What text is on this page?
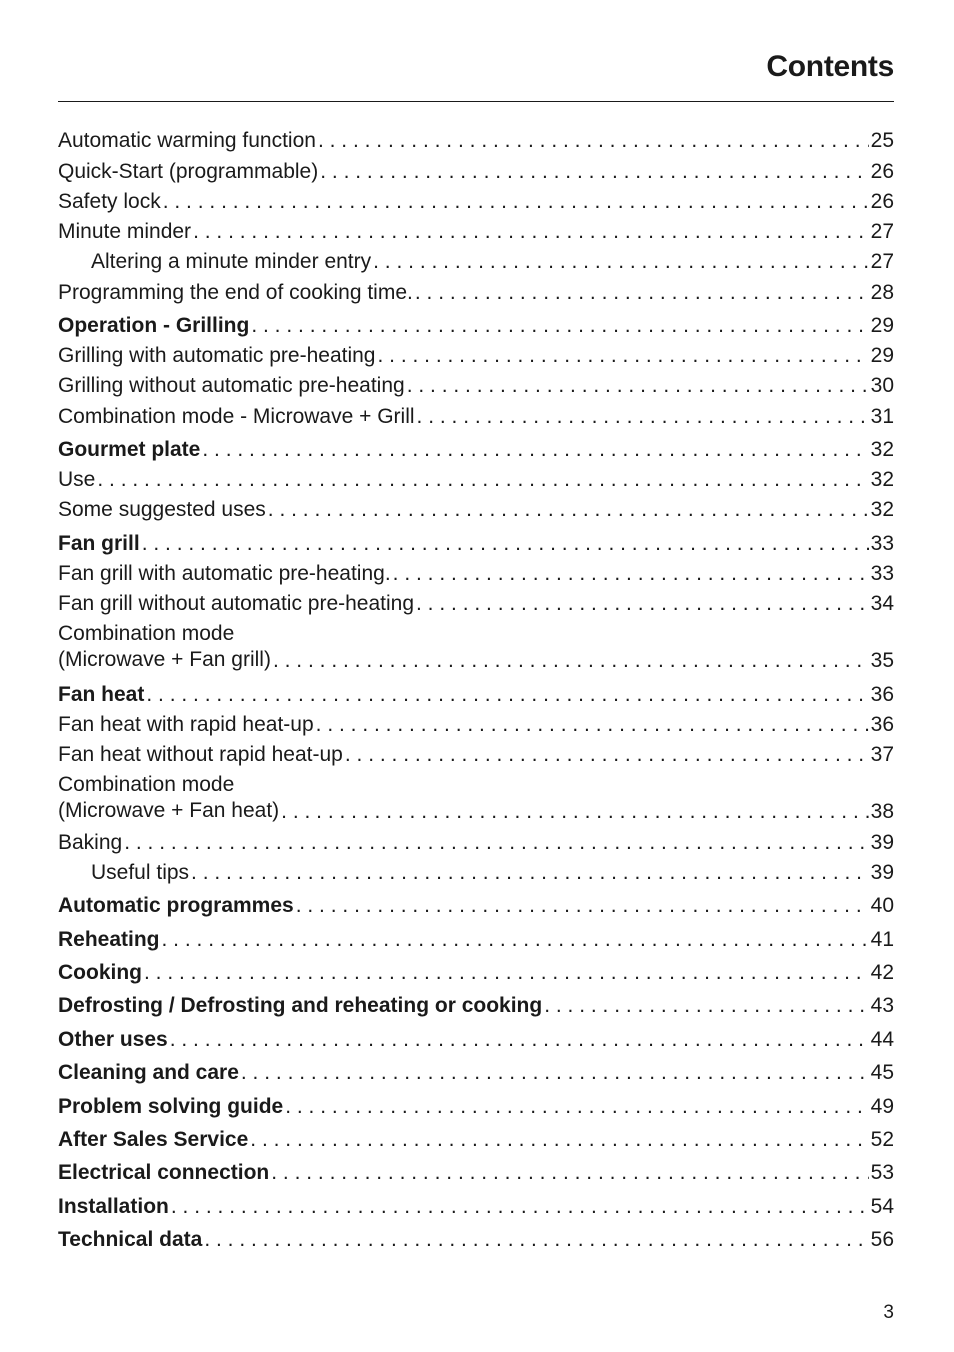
Contents
Automatic warming function . . .	25
Quick-Start (programmable) . . .	26
Safety lock . . .	26
Minute minder . . .	27
Altering a minute minder entry . . .	27
Programming the end of cooking time. . . .	28
Operation - Grilling . . .	29
Grilling with automatic pre-heating . . .	29
Grilling without automatic pre-heating . . .	30
Combination mode - Microwave + Grill . . .	31
Gourmet plate . . .	32
Use . . .	32
Some suggested uses . . .	32
Fan grill . . .	33
Fan grill with automatic pre-heating. . . .	33
Fan grill without automatic pre-heating . . .	34
Combination mode
(Microwave + Fan grill) . . .	35
Fan heat . . .	36
Fan heat with rapid heat-up . . .	36
Fan heat without rapid heat-up . . .	37
Combination mode
(Microwave + Fan heat) . . .	38
Baking . . .	39
Useful tips . . .	39
Automatic programmes . . .	40
Reheating . . .	41
Cooking . . .	42
Defrosting / Defrosting and reheating or cooking . . .	43
Other uses . . .	44
Cleaning and care . . .	45
Problem solving guide . . .	49
After Sales Service . . .	52
Electrical connection . . .	53
Installation . . .	54
Technical data . . .	56
3
